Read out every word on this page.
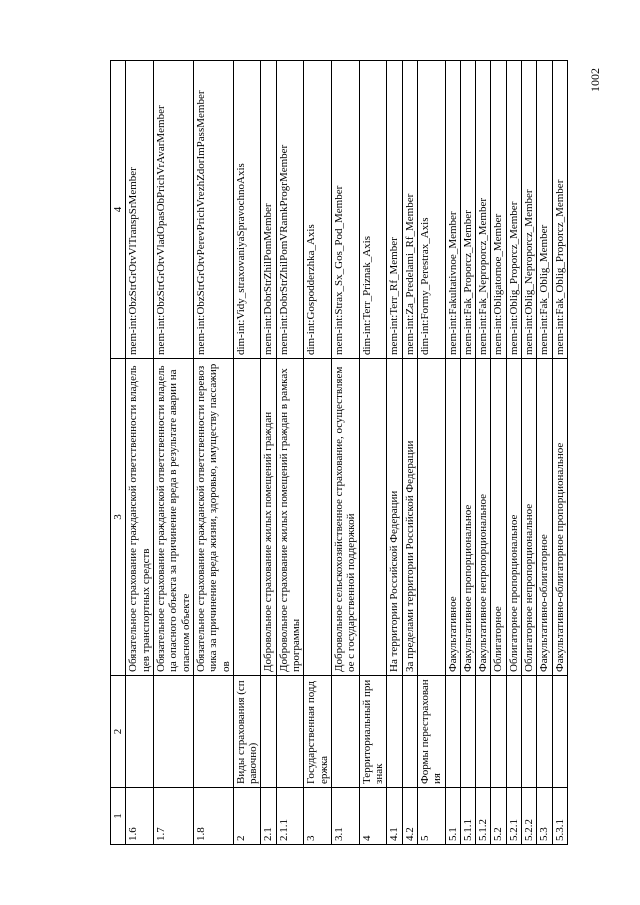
1002
1	2	3	4
1.6		Обязательное страхование гражданской ответственности владельцев транспортных средств	mem-int:ObzStrGrOtvVlTranspSrMember
1.7		Обязательное страхование гражданской ответственности владельца опасного объекта за причинение вреда в результате аварии на опасном объекте	mem-int:ObzStrGrOtvVladOpasObPrichVrAvarMember
1.8		Обязательное страхование гражданской ответственности перевозчика за причинение вреда жизни, здоровью, имуществу пассажиров	mem-int:ObzStrGrOtvPerevPrichVrezhZdorImPassMember
2	Виды страхования (справочно)		dim-int:Vidy_straxovaniyaSpravochnoAxis
2.1		Добровольное страхование жилых помещений граждан	mem-int:DobrStrZhilPomMember
2.1.1		Добровольное страхование жилых помещений граждан в рамках программы	mem-int:DobrStrZhilPomVRamkProgrMember
3	Государственная поддержка		dim-int:Gospodderzhka_Axis
3.1		Добровольное сельскохозяйственное страхование, осуществляемое с государственной поддержкой	mem-int:Strax_Sx_Gos_Pod_Member
4	Территориальный признак		dim-int:Terr_Priznak_Axis
4.1		На территории Российской Федерации	mem-int:Terr_Rf_Member
4.2		За пределами территории Российской Федерации	mem-int:Za_Predelami_Rf_Member
5	Формы перестрахования		dim-int:Formy_Perestrax_Axis
5.1		Факультативное	mem-int:Fakultativnoe_Member
5.1.1		Факультативное пропорциональное	mem-int:Fak_Proporcz_Member
5.1.2		Факультативное непропорциональное	mem-int:Fak_Neproporcz_Member
5.2		Облигаторное	mem-int:Obligatornoe_Member
5.2.1		Облигаторное пропорциональное	mem-int:Oblig_Proporcz_Member
5.2.2		Облигаторное непропорциональное	mem-int:Oblig_Neproporcz_Member
5.3		Факультативно-облигаторное	mem-int:Fak_Oblig_Member
5.3.1		Факультативно-облигаторное пропорциональное	mem-int:Fak_Oblig_Proporcz_Member
